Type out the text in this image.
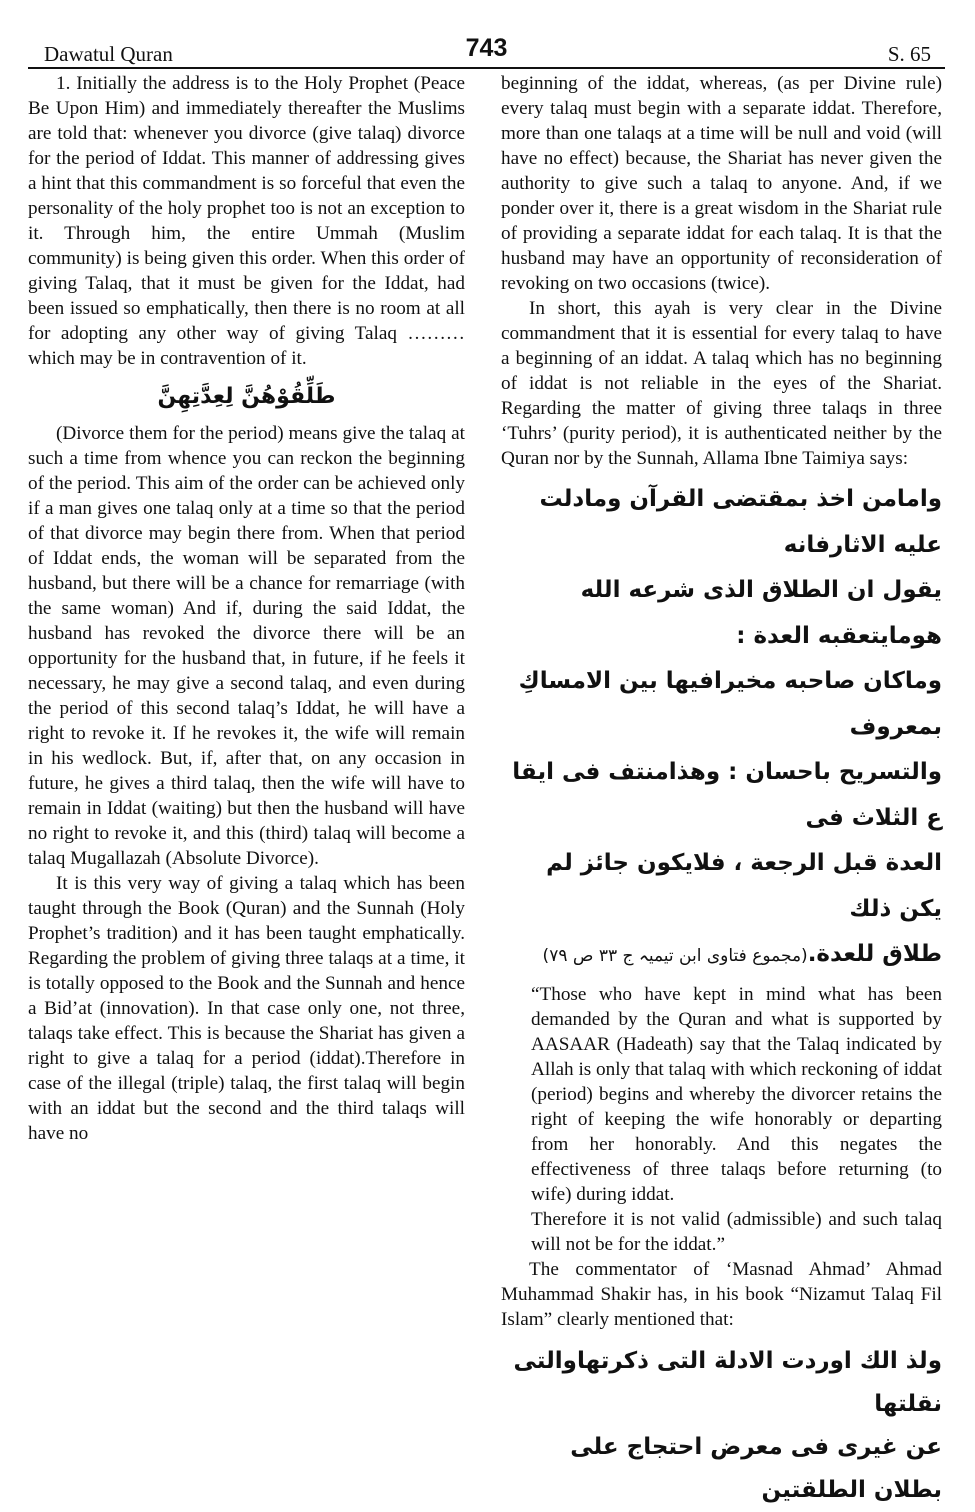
Dawatul Quran	743	S. 65

1. Initially the address is to the Holy Prophet (Peace Be Upon Him) and immediately thereafter the Muslims are told that: whenever you divorce (give talaq) divorce for the period of Iddat. This manner of addressing gives a hint that this commandment is so forceful that even the personality of the holy prophet too is not an exception to it. Through him, the entire Ummah (Muslim community) is being given this order. When this order of giving Talaq, that it must be given for the Iddat, had been issued so emphatically, then there is no room at all for adopting any other way of giving Talaq ………which may be in contravention of it.

طَلِّقُوْهُنَّ لِعِدَّتِهِنَّ

(Divorce them for the period) means give the talaq at such a time from whence you can reckon the beginning of the period. This aim of the order can be achieved only if a man gives one talaq only at a time so that the period of that divorce may begin there from. When that period of Iddat ends, the woman will be separated from the husband, but there will be a chance for remarriage (with the same woman) And if, during the said Iddat, the husband has revoked the divorce there will be an opportunity for the husband that, in future, if he feels it necessary, he may give a second talaq, and even during the period of this second talaq’s Iddat, he will have a right to revoke it. If he revokes it, the wife will remain in his wedlock. But, if, after that, on any occasion in future, he gives a third talaq, then the wife will have to remain in Iddat (waiting) but then the husband will have no right to revoke it, and this (third) talaq will become a talaq Mugallazah (Absolute Divorce).

It is this very way of giving a talaq which has been taught through the Book (Quran) and the Sunnah (Holy Prophet’s tradition) and it has been taught emphatically. Regarding the problem of giving three talaqs at a time, it is totally opposed to the Book and the Sunnah and hence a Bid’at (innovation). In that case only one, not three, talaqs take effect. This is because the Shariat has given a right to give a talaq for a period (iddat).Therefore in case of the illegal (triple) talaq, the first talaq will begin with an iddat but the second and the third talaqs will have no

beginning of the iddat, whereas, (as per Divine rule) every talaq must begin with a separate iddat. Therefore, more than one talaqs at a time will be null and void (will have no effect) because, the Shariat has never given the authority to give such a talaq to anyone. And, if we ponder over it, there is a great wisdom in the Shariat rule of providing a separate iddat for each talaq. It is that the husband may have an opportunity of reconsideration of revoking on two occasions (twice).

In short, this ayah is very clear in the Divine commandment that it is essential for every talaq to have a beginning of an iddat. A talaq which has no beginning of iddat is not reliable in the eyes of the Shariat. Regarding the matter of giving three talaqs in three ‘Tuhrs’ (purity period), it is authenticated neither by the Quran nor by the Sunnah, Allama Ibne Taimiya says:

وامامن اخذ بمقتضى القرآن ومادلت عليه الاثارفانه

يقول ان الطلاق الذى شرعه الله هومايتعقبه العدة :

وماكان صاحبه مخيرافيها بين الامساكِ بمعروف

والتسريح باحسان : وهذامنتف فى ايقا ع الثلاث فى

العدة قبل الرجعة ، فلايكون جائز لم يكن ذلك

طلاق للعدة.(مجموع فتاوى ابن تیمیہ ج ۳۳ ص ۷۹)

“Those who have kept in mind what has been demanded by the Quran and what is supported by AASAAR (Hadeath) say that the Talaq indicated by Allah is only that talaq with which reckoning of iddat (period) begins and whereby the divorcer retains the right of keeping the wife honorably or departing from her honorably. And this negates the effectiveness of three talaqs before returning (to wife) during iddat.

Therefore it is not valid (admissible) and such talaq will not be for the iddat.”

The commentator of ‘Masnad Ahmad’ Ahmad Muhammad Shakir has, in his book “Nizamut Talaq Fil Islam” clearly mentioned that:

ولذ الك اوردت الادلة التى ذكرتهاوالتى نقلتها

عن غيرى فى معرض احتجاج على بطلان الطلقتين
